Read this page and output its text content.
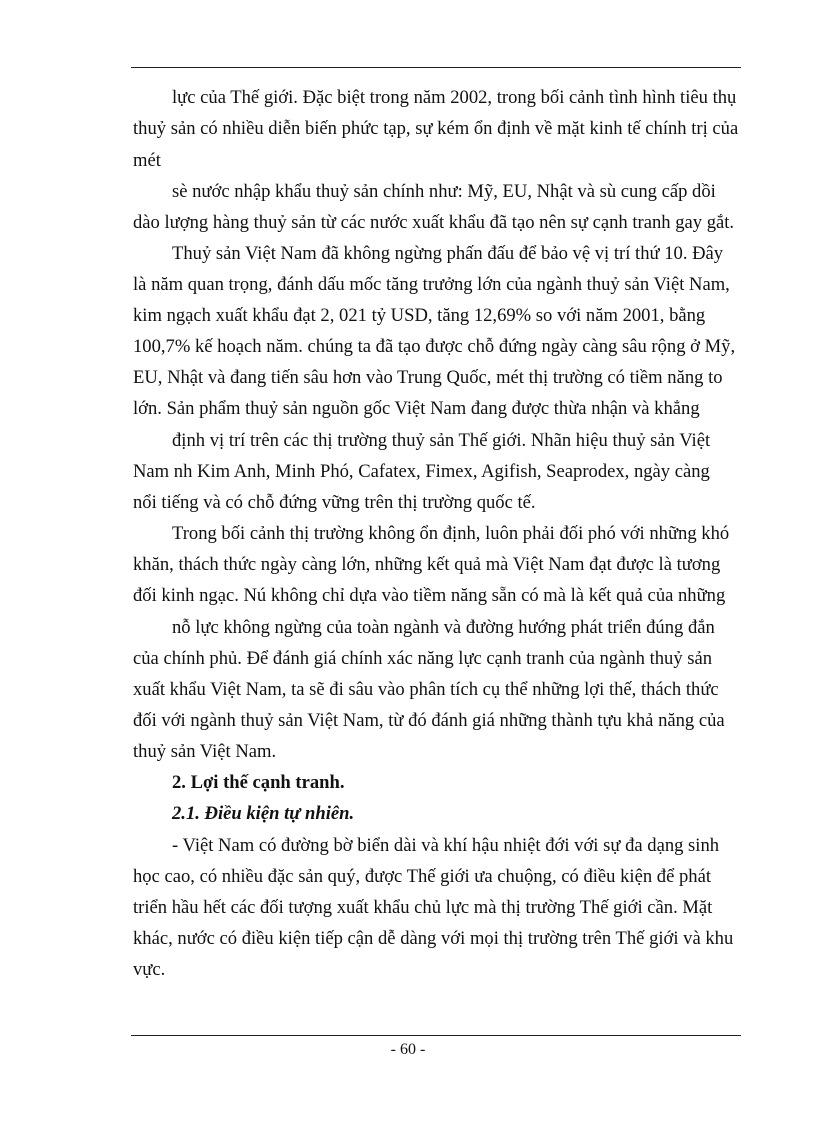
lực của Thế giới. Đặc biệt trong năm 2002, trong bối cảnh tình hình tiêu thụ
thuỷ sản có nhiều diễn biến phức tạp, sự kém ổn định về mặt kinh tế chính trị của
mét
sè nước nhập khẩu thuỷ sản chính như: Mỹ, EU, Nhật và sù cung cấp dồi
dào lượng hàng thuỷ sản từ các nước xuất khẩu đã tạo nên sự cạnh tranh gay gắt.
Thuỷ sản Việt Nam đã không ngừng phấn đấu để bảo vệ vị trí thứ 10. Đây
là năm quan trọng, đánh dấu mốc tăng trưởng lớn của ngành thuỷ sản Việt Nam,
kim ngạch xuất khẩu đạt 2, 021 tỷ USD, tăng 12,69% so với năm 2001, bằng
100,7% kế hoạch năm. chúng ta đã tạo được chỗ đứng ngày càng sâu rộng ở Mỹ,
EU, Nhật và đang tiến sâu hơn vào Trung Quốc, mét thị trường có tiềm năng to
lớn. Sản phẩm thuỷ sản nguồn gốc Việt Nam đang được thừa nhận và khẳng
định vị trí trên các thị trường thuỷ sản Thế giới. Nhãn hiệu thuỷ sản Việt
Nam nh Kim Anh, Minh Phó, Cafatex, Fimex, Agifish, Seaprodex, ngày càng
nổi tiếng và có chỗ đứng vững trên thị trường quốc tế.
Trong bối cảnh thị trường không ổn định, luôn phải đối phó với những khó
khăn, thách thức ngày càng lớn, những kết quả mà Việt Nam đạt được là tương
đối kinh ngạc. Nú không chỉ dựa vào tiềm năng sẵn có mà là kết quả của những
nỗ lực không ngừng của toàn ngành và đường hướng phát triển đúng đắn
của chính phủ. Để đánh giá chính xác năng lực cạnh tranh của ngành thuỷ sản
xuất khẩu Việt Nam, ta sẽ đi sâu vào phân tích cụ thể những lợi thế, thách thức
đối với ngành thuỷ sản Việt Nam, từ đó đánh giá những thành tựu khả năng của
thuỷ sản Việt Nam.
2. Lợi thế cạnh tranh.
2.1. Điều kiện tự nhiên.
- Việt Nam có đường bờ biển dài và khí hậu nhiệt đới với sự đa dạng sinh
học cao, có nhiều đặc sản quý, được Thế giới ưa chuộng, có điều kiện để phát
triển hầu hết các đối tượng xuất khẩu chủ lực mà thị trường Thế giới cần. Mặt
khác, nước có điều kiện tiếp cận dễ dàng với mọi thị trường trên Thế giới và khu
vực.
- 60 -
